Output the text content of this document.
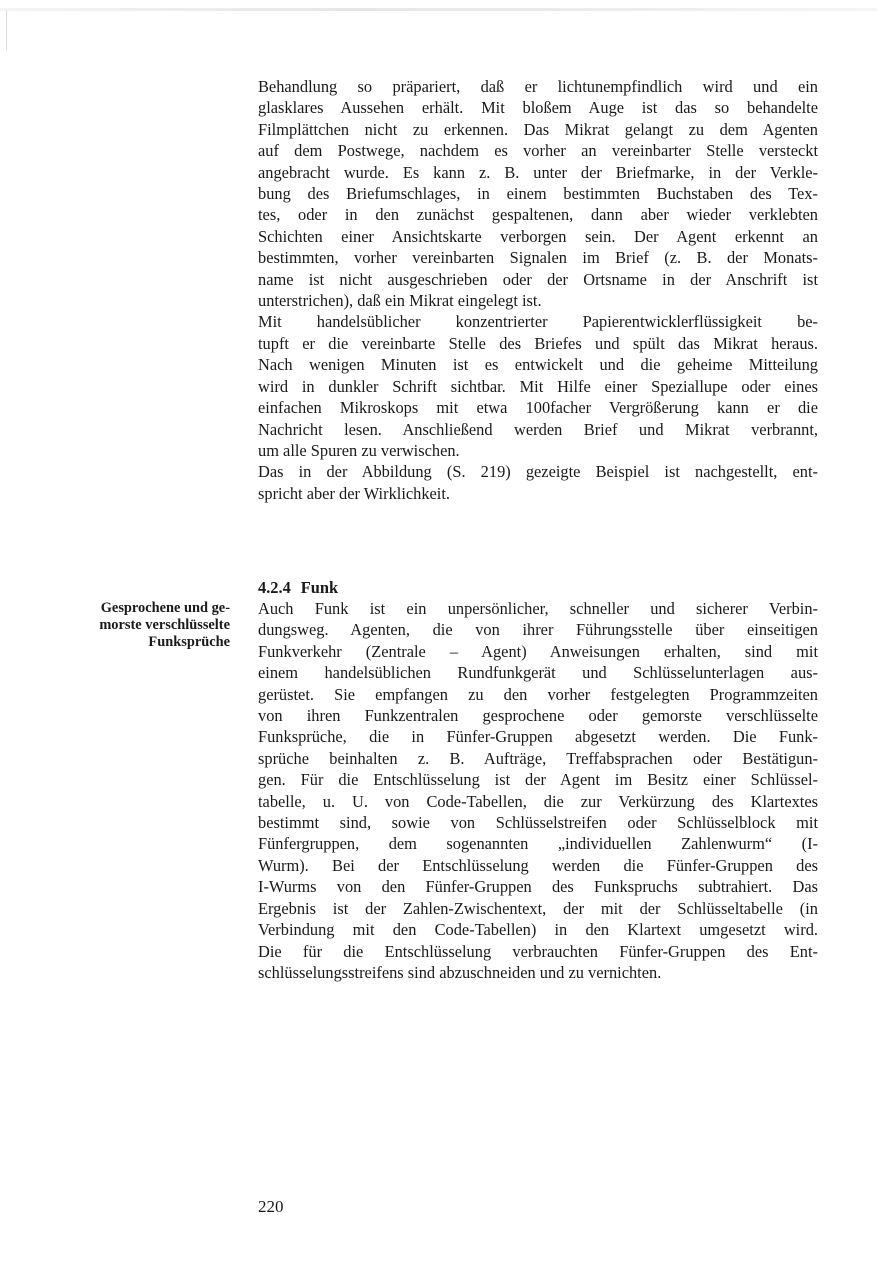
Behandlung so präpariert, daß er lichtunempfindlich wird und ein
glasklares Aussehen erhält. Mit bloßem Auge ist das so behandelte
Filmplättchen nicht zu erkennen. Das Mikrat gelangt zu dem Agenten
auf dem Postwege, nachdem es vorher an vereinbarter Stelle versteckt
angebracht wurde. Es kann z. B. unter der Briefmarke, in der Verkle-
bung des Briefumschlages, in einem bestimmten Buchstaben des Tex-
tes, oder in den zunächst gespaltenen, dann aber wieder verklebten
Schichten einer Ansichtskarte verborgen sein. Der Agent erkennt an
bestimmten, vorher vereinbarten Signalen im Brief (z. B. der Monats-
name ist nicht ausgeschrieben oder der Ortsname in der Anschrift ist
unterstrichen), daß ein Mikrat eingelegt ist.
Mit handelsüblicher konzentrierter Papierentwicklerflüssigkeit be-
tupft er die vereinbarte Stelle des Briefes und spült das Mikrat heraus.
Nach wenigen Minuten ist es entwickelt und die geheime Mitteilung
wird in dunkler Schrift sichtbar. Mit Hilfe einer Speziallupe oder eines
einfachen Mikroskops mit etwa 100facher Vergrößerung kann er die
Nachricht lesen. Anschließend werden Brief und Mikrat verbrannt,
um alle Spuren zu verwischen.
Das in der Abbildung (S. 219) gezeigte Beispiel ist nachgestellt, ent-
spricht aber der Wirklichkeit.
Gesprochene und ge-
morste verschlüsselte
Funksprüche
4.2.4 Funk
Auch Funk ist ein unpersönlicher, schneller und sicherer Verbin-
dungsweg. Agenten, die von ihrer Führungsstelle über einseitigen
Funkverkehr (Zentrale – Agent) Anweisungen erhalten, sind mit
einem handelsüblichen Rundfunkgerät und Schlüsselunterlagen aus-
gerüstet. Sie empfangen zu den vorher festgelegten Programmzeiten
von ihren Funkzentralen gesprochene oder gemorste verschlüsselte
Funksprüche, die in Fünfer-Gruppen abgesetzt werden. Die Funk-
sprüche beinhalten z. B. Aufträge, Treffabsprachen oder Bestätigun-
gen. Für die Entschlüsselung ist der Agent im Besitz einer Schlüssel-
tabelle, u. U. von Code-Tabellen, die zur Verkürzung des Klartextes
bestimmt sind, sowie von Schlüsselstreifen oder Schlüsselblock mit
Fünfergruppen, dem sogenannten „individuellen Zahlenwurm“ (I-
Wurm). Bei der Entschlüsselung werden die Fünfer-Gruppen des
I-Wurms von den Fünfer-Gruppen des Funkspruchs subtrahiert. Das
Ergebnis ist der Zahlen-Zwischentext, der mit der Schlüsseltabelle (in
Verbindung mit den Code-Tabellen) in den Klartext umgesetzt wird.
Die für die Entschlüsselung verbrauchten Fünfer-Gruppen des Ent-
schlüsselungsstreifens sind abzuschneiden und zu vernichten.
220
